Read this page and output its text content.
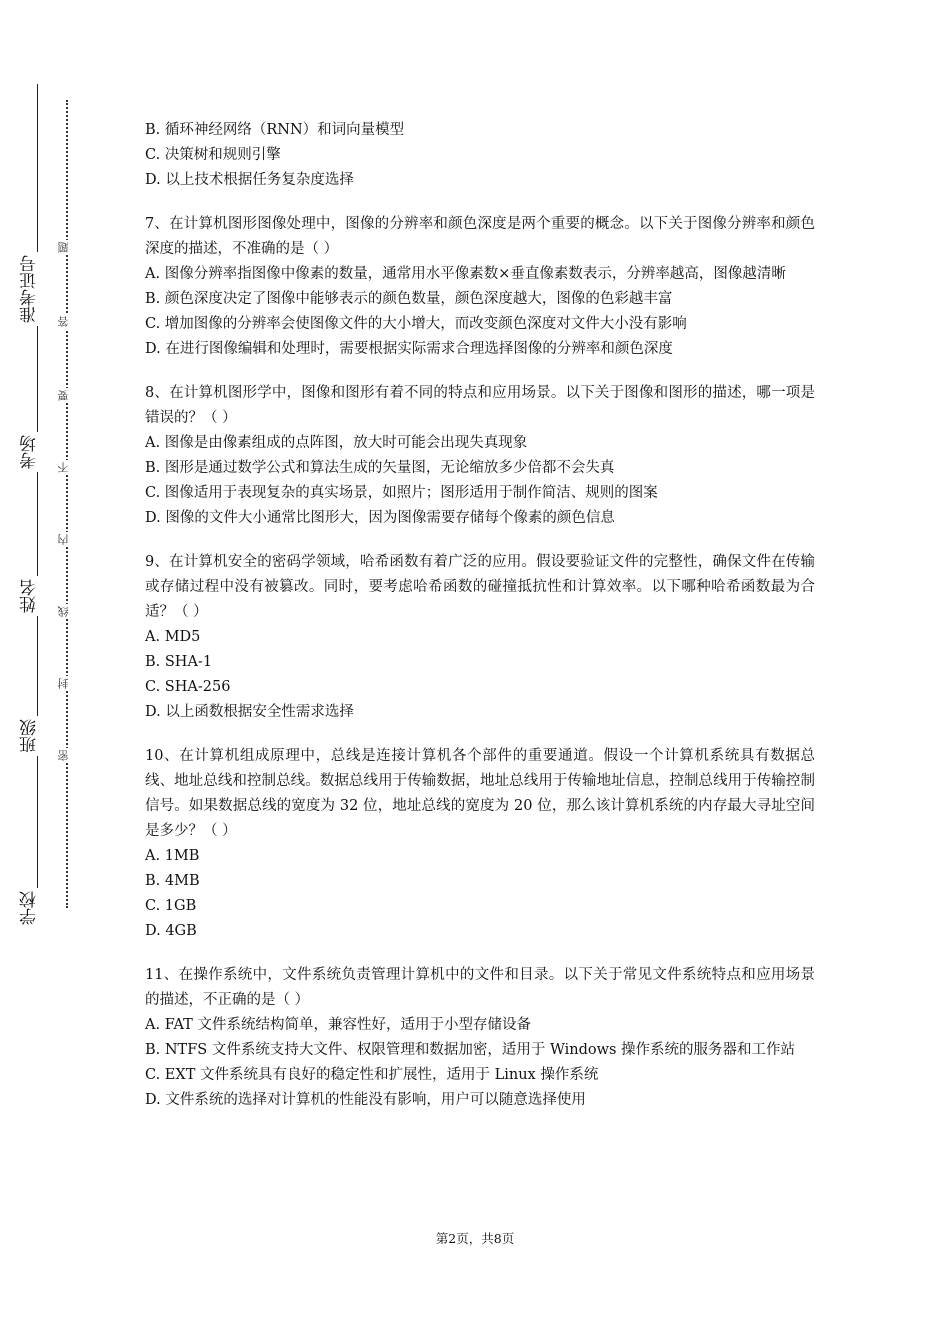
准考证号
考场
姓名
班级
学校
题
答
要
不
内
线
封
密
B. 循环神经网络（RNN）和词向量模型
C. 决策树和规则引擎
D. 以上技术根据任务复杂度选择
7、在计算机图形图像处理中，图像的分辨率和颜色深度是两个重要的概念。以下关于图像分辨率和颜色深度的描述，不准确的是（ ）
A. 图像分辨率指图像中像素的数量，通常用水平像素数×垂直像素数表示，分辨率越高，图像越清晰
B. 颜色深度决定了图像中能够表示的颜色数量，颜色深度越大，图像的色彩越丰富
C. 增加图像的分辨率会使图像文件的大小增大，而改变颜色深度对文件大小没有影响
D. 在进行图像编辑和处理时，需要根据实际需求合理选择图像的分辨率和颜色深度
8、在计算机图形学中，图像和图形有着不同的特点和应用场景。以下关于图像和图形的描述，哪一项是错误的？（ ）
A. 图像是由像素组成的点阵图，放大时可能会出现失真现象
B. 图形是通过数学公式和算法生成的矢量图，无论缩放多少倍都不会失真
C. 图像适用于表现复杂的真实场景，如照片；图形适用于制作简洁、规则的图案
D. 图像的文件大小通常比图形大，因为图像需要存储每个像素的颜色信息
9、在计算机安全的密码学领域，哈希函数有着广泛的应用。假设要验证文件的完整性，确保文件在传输或存储过程中没有被篡改。同时，要考虑哈希函数的碰撞抵抗性和计算效率。以下哪种哈希函数最为合适？（ ）
A. MD5
B. SHA-1
C. SHA-256
D. 以上函数根据安全性需求选择
10、在计算机组成原理中，总线是连接计算机各个部件的重要通道。假设一个计算机系统具有数据总线、地址总线和控制总线。数据总线用于传输数据，地址总线用于传输地址信息，控制总线用于传输控制信号。如果数据总线的宽度为 32 位，地址总线的宽度为 20 位，那么该计算机系统的内存最大寻址空间是多少？（ ）
A. 1MB
B. 4MB
C. 1GB
D. 4GB
11、在操作系统中，文件系统负责管理计算机中的文件和目录。以下关于常见文件系统特点和应用场景的描述，不正确的是（ ）
A. FAT 文件系统结构简单，兼容性好，适用于小型存储设备
B. NTFS 文件系统支持大文件、权限管理和数据加密，适用于 Windows 操作系统的服务器和工作站
C. EXT 文件系统具有良好的稳定性和扩展性，适用于 Linux 操作系统
D. 文件系统的选择对计算机的性能没有影响，用户可以随意选择使用
第2页，共8页
